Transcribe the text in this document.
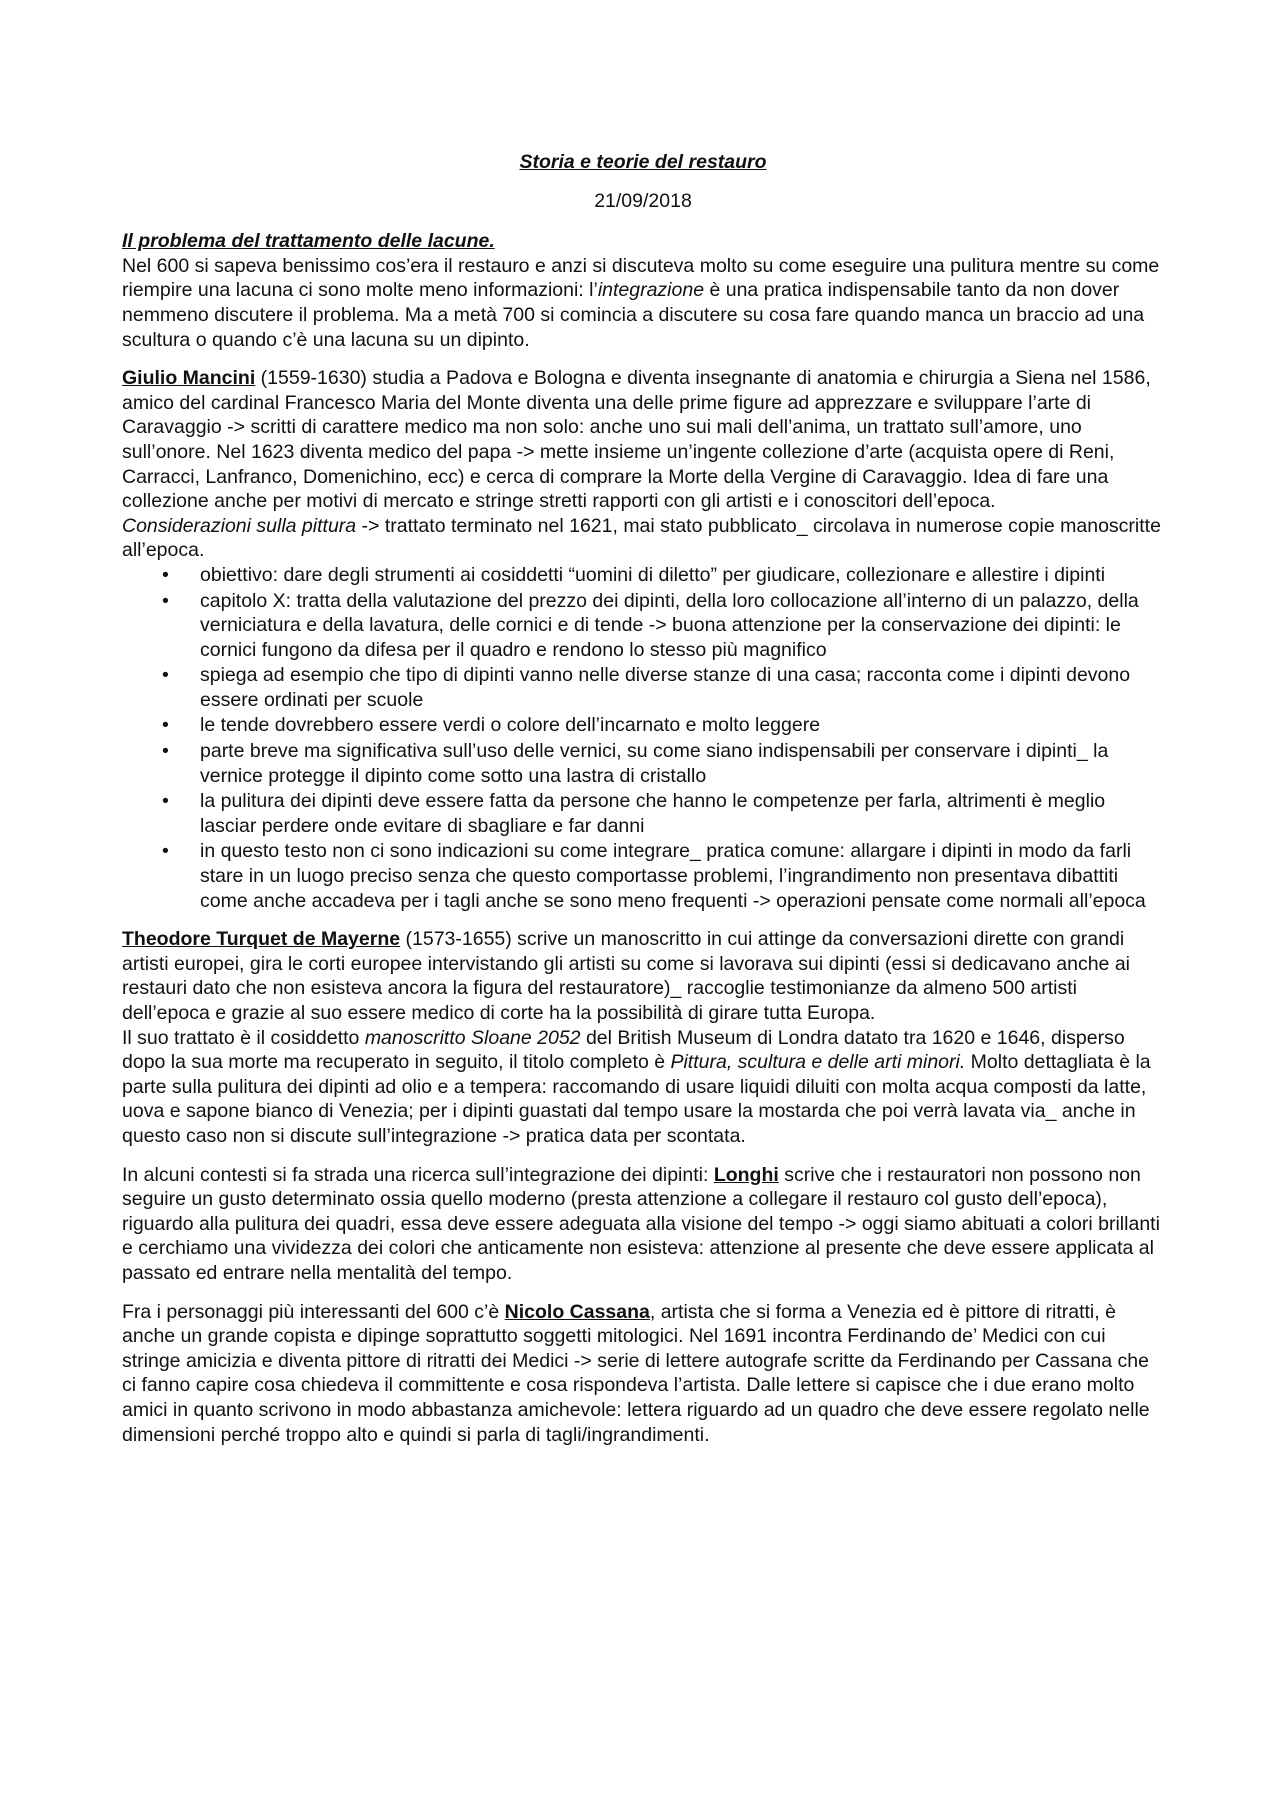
Storia e teorie del restauro
21/09/2018

Il problema del trattamento delle lacune.

Nel 600 si sapeva benissimo cos’era il restauro e anzi si discuteva molto su come eseguire una pulitura mentre su come riempire una lacuna ci sono molte meno informazioni: l’integrazione è una pratica indispensabile tanto da non dover nemmeno discutere il problema. Ma a metà 700 si comincia a discutere su cosa fare quando manca un braccio ad una scultura o quando c’è una lacuna su un dipinto.

Giulio Mancini (1559-1630) studia a Padova e Bologna e diventa insegnante di anatomia e chirurgia a Siena nel 1586, amico del cardinal Francesco Maria del Monte diventa una delle prime figure ad apprezzare e sviluppare l’arte di Caravaggio -> scritti di carattere medico ma non solo: anche uno sui mali dell’anima, un trattato sull’amore, uno sull’onore. Nel 1623 diventa medico del papa -> mette insieme un’ingente collezione d’arte (acquista opere di Reni, Carracci, Lanfranco, Domenichino, ecc) e cerca di comprare la Morte della Vergine di Caravaggio. Idea di fare una collezione anche per motivi di mercato e stringe stretti rapporti con gli artisti e i conoscitori dell’epoca.

Considerazioni sulla pittura -> trattato terminato nel 1621, mai stato pubblicato_ circolava in numerose copie manoscritte all’epoca.

• obiettivo: dare degli strumenti ai cosiddetti “uomini di diletto” per giudicare, collezionare e allestire i dipinti
• capitolo X: tratta della valutazione del prezzo dei dipinti, della loro collocazione all’interno di un palazzo, della verniciatura e della lavatura, delle cornici e di tende -> buona attenzione per la conservazione dei dipinti: le cornici fungono da difesa per il quadro e rendono lo stesso più magnifico
• spiega ad esempio che tipo di dipinti vanno nelle diverse stanze di una casa; racconta come i dipinti devono essere ordinati per scuole
• le tende dovrebbero essere verdi o colore dell’incarnato e molto leggere
• parte breve ma significativa sull’uso delle vernici, su come siano indispensabili per conservare i dipinti_ la vernice protegge il dipinto come sotto una lastra di cristallo
• la pulitura dei dipinti deve essere fatta da persone che hanno le competenze per farla, altrimenti è meglio lasciar perdere onde evitare di sbagliare e far danni
• in questo testo non ci sono indicazioni su come integrare_ pratica comune: allargare i dipinti in modo da farli stare in un luogo preciso senza che questo comportasse problemi, l’ingrandimento non presentava dibattiti come anche accadeva per i tagli anche se sono meno frequenti -> operazioni pensate come normali all’epoca

Theodore Turquet de Mayerne (1573-1655) scrive un manoscritto in cui attinge da conversazioni dirette con grandi artisti europei, gira le corti europee intervistando gli artisti su come si lavorava sui dipinti (essi si dedicavano anche ai restauri dato che non esisteva ancora la figura del restauratore)_ raccoglie testimonianze da almeno 500 artisti dell’epoca e grazie al suo essere medico di corte ha la possibilità di girare tutta Europa.

Il suo trattato è il cosiddetto manoscritto Sloane 2052 del British Museum di Londra datato tra 1620 e 1646, disperso dopo la sua morte ma recuperato in seguito, il titolo completo è Pittura, scultura e delle arti minori. Molto dettagliata è la parte sulla pulitura dei dipinti ad olio e a tempera: raccomando di usare liquidi diluiti con molta acqua composti da latte, uova e sapone bianco di Venezia; per i dipinti guastati dal tempo usare la mostarda che poi verrà lavata via_ anche in questo caso non si discute sull’integrazione -> pratica data per scontata.

In alcuni contesti si fa strada una ricerca sull’integrazione dei dipinti: Longhi scrive che i restauratori non possono non seguire un gusto determinato ossia quello moderno (presta attenzione a collegare il restauro col gusto dell’epoca), riguardo alla pulitura dei quadri, essa deve essere adeguata alla visione del tempo -> oggi siamo abituati a colori brillanti e cerchiamo una vividezza dei colori che anticamente non esisteva: attenzione al presente che deve essere applicata al passato ed entrare nella mentalità del tempo.

Fra i personaggi più interessanti del 600 c’è Nicolo Cassana, artista che si forma a Venezia ed è pittore di ritratti, è anche un grande copista e dipinge soprattutto soggetti mitologici. Nel 1691 incontra Ferdinando de’ Medici con cui stringe amicizia e diventa pittore di ritratti dei Medici -> serie di lettere autografe scritte da Ferdinando per Cassana che ci fanno capire cosa chiedeva il committente e cosa rispondeva l’artista. Dalle lettere si capisce che i due erano molto amici in quanto scrivono in modo abbastanza amichevole: lettera riguardo ad un quadro che deve essere regolato nelle dimensioni perché troppo alto e quindi si parla di tagli/ingrandimenti.
